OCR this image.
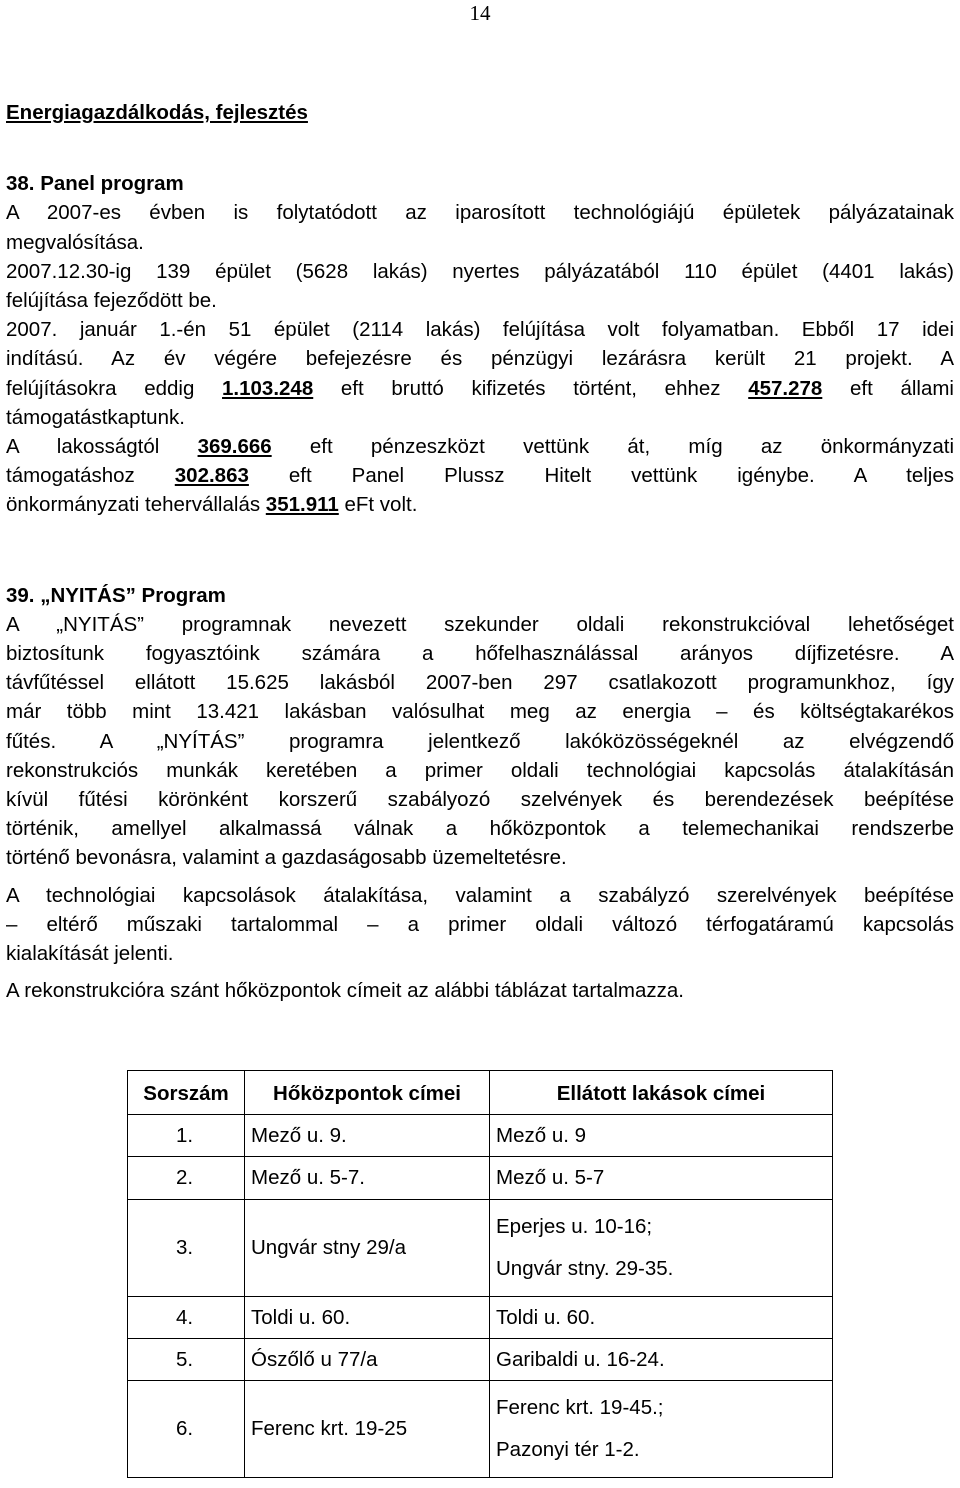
14
Energiagazdálkodás, fejlesztés
38. Panel program
A 2007-es évben is folytatódott az iparosított technológiájú épületek pályázatainak
megvalósítása.
2007.12.30-ig 139 épület (5628 lakás) nyertes pályázatából 110 épület (4401 lakás)
felújítása fejeződött be.
2007. január 1.-én 51 épület (2114 lakás) felújítása volt folyamatban. Ebből 17 idei
indítású. Az év végére befejezésre és pénzügyi lezárásra került 21 projekt. A
felújításokra eddig 1.103.248 eft bruttó kifizetés történt, ehhez 457.278 eft állami
támogatástkaptunk.
A lakosságtól 369.666 eft pénzeszközt vettünk át, míg az önkormányzati
támogatáshoz 302.863 eft Panel Plussz Hitelt vettünk igénybe. A teljes
önkormányzati tehervállalás 351.911 eFt volt.
39. „NYITÁS” Program
A „NYITÁS” programnak nevezett szekunder oldali rekonstrukcióval lehetőséget
biztosítunk fogyasztóink számára a hőfelhasználással arányos díjfizetésre. A
távfűtéssel ellátott 15.625 lakásból 2007-ben 297 csatlakozott programunkhoz, így
már több mint 13.421 lakásban valósulhat meg az energia – és költségtakarékos
fűtés. A „NYÍTÁS” programra jelentkező lakóközösségeknél az elvégzendő
rekonstrukciós munkák keretében a primer oldali technológiai kapcsolás átalakításán
kívül fűtési körönként korszerű szabályozó szelvények és berendezések beépítése
történik, amellyel alkalmassá válnak a hőközpontok a telemechanikai rendszerbe
történő bevonásra, valamint a gazdaságosabb üzemeltetésre.
A technológiai kapcsolások átalakítása, valamint a szabályzó szerelvények beépítése
– eltérő műszaki tartalommal – a primer oldali változó térfogatáramú kapcsolás
kialakítását jelenti.
A rekonstrukcióra szánt hőközpontok címeit az alábbi táblázat tartalmazza.
Sorszám	Hőközpontok címei	Ellátott lakások címei
1.	Mező u. 9.	Mező u. 9
2.	Mező u. 5-7.	Mező u. 5-7
3.	Ungvár stny 29/a	Eperjes u. 10-16;
Ungvár stny. 29-35.

4.	Toldi u. 60.	Toldi u. 60.
5.	Ószőlő u 77/a	Garibaldi u. 16-24.
6.	Ferenc krt. 19-25	Ferenc krt. 19-45.;
Pazonyi tér 1-2.
